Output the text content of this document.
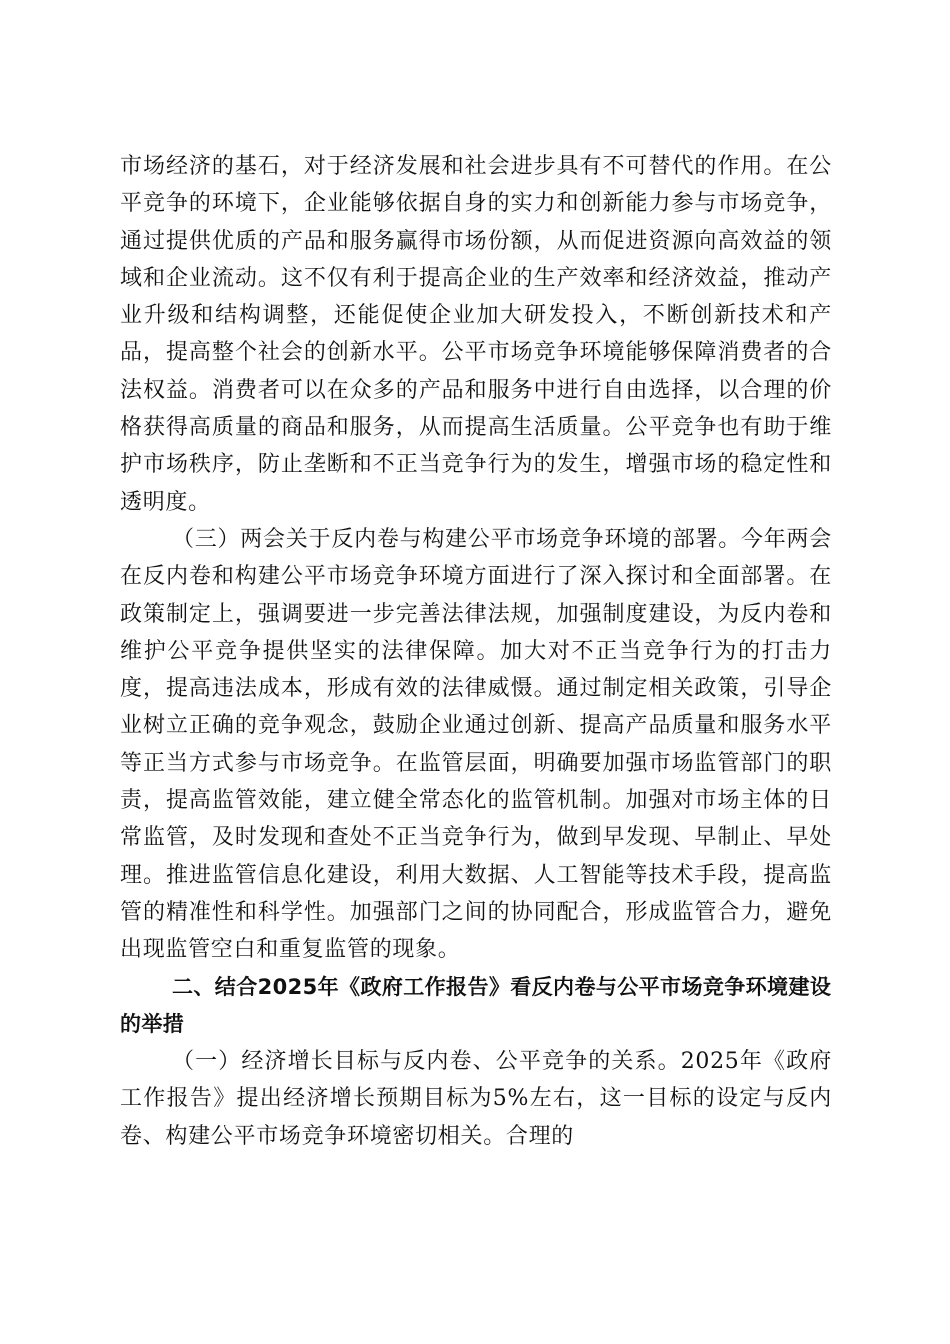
市场经济的基石，对于经济发展和社会进步具有不可替代的作用。在公平竞争的环境下，企业能够依据自身的实力和创新能力参与市场竞争，通过提供优质的产品和服务赢得市场份额，从而促进资源向高效益的领域和企业流动。这不仅有利于提高企业的生产效率和经济效益，推动产业升级和结构调整，还能促使企业加大研发投入，不断创新技术和产品，提高整个社会的创新水平。公平市场竞争环境能够保障消费者的合法权益。消费者可以在众多的产品和服务中进行自由选择，以合理的价格获得高质量的商品和服务，从而提高生活质量。公平竞争也有助于维护市场秩序，防止垄断和不正当竞争行为的发生，增强市场的稳定性和透明度。

（三）两会关于反内卷与构建公平市场竞争环境的部署。今年两会在反内卷和构建公平市场竞争环境方面进行了深入探讨和全面部署。在政策制定上，强调要进一步完善法律法规，加强制度建设，为反内卷和维护公平竞争提供坚实的法律保障。加大对不正当竞争行为的打击力度，提高违法成本，形成有效的法律威慑。通过制定相关政策，引导企业树立正确的竞争观念，鼓励企业通过创新、提高产品质量和服务水平等正当方式参与市场竞争。在监管层面，明确要加强市场监管部门的职责，提高监管效能，建立健全常态化的监管机制。加强对市场主体的日常监管，及时发现和查处不正当竞争行为，做到早发现、早制止、早处理。推进监管信息化建设，利用大数据、人工智能等技术手段，提高监管的精准性和科学性。加强部门之间的协同配合，形成监管合力，避免出现监管空白和重复监管的现象。

二、结合2025年《政府工作报告》看反内卷与公平市场竞争环境建设的举措

（一）经济增长目标与反内卷、公平竞争的关系。2025年《政府工作报告》提出经济增长预期目标为5%左右，这一目标的设定与反内卷、构建公平市场竞争环境密切相关。合理的
